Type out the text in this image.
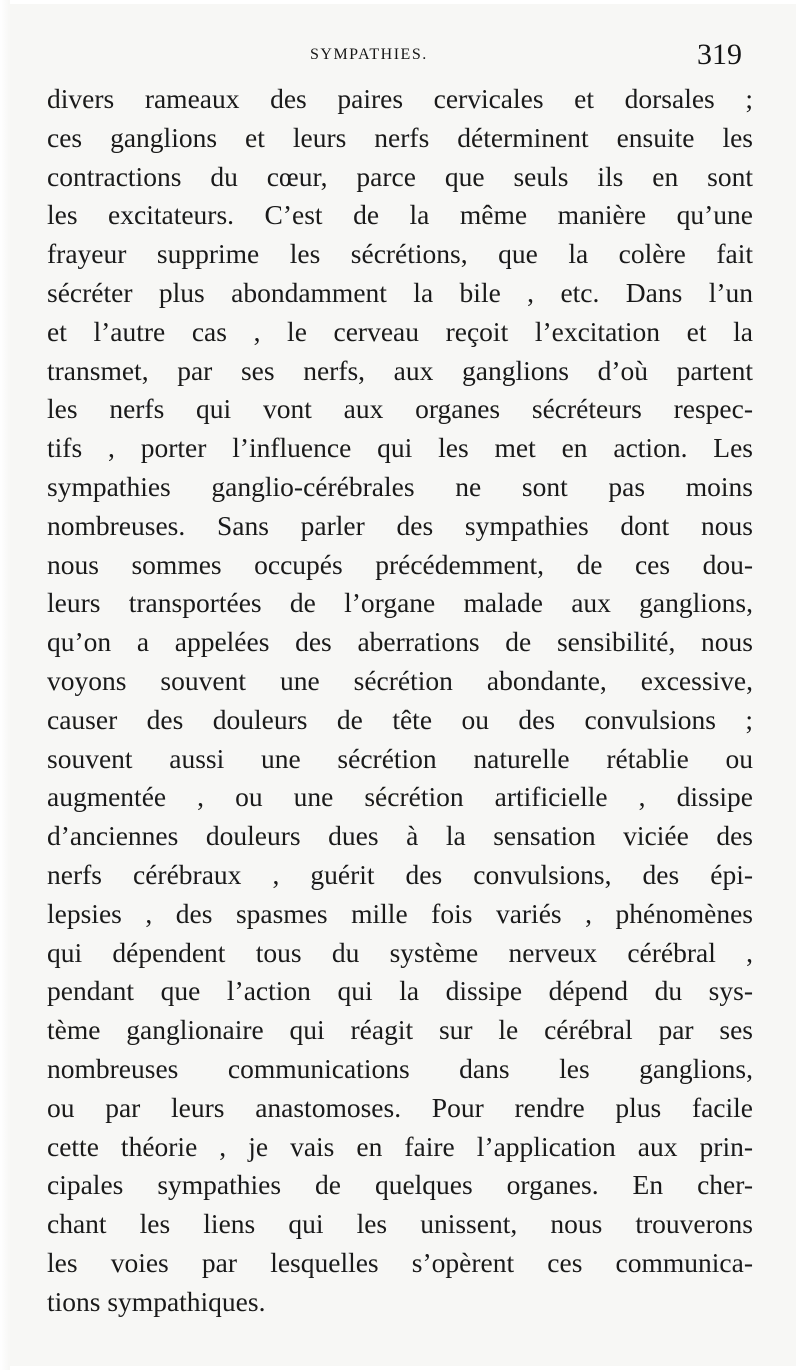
SYMPATHIES.	319
divers rameaux des paires cervicales et dorsales ;
ces ganglions et leurs nerfs déterminent ensuite les
contractions du cœur, parce que seuls ils en sont
les excitateurs. C’est de la même manière qu’une
frayeur supprime les sécrétions, que la colère fait
sécréter plus abondamment la bile , etc. Dans l’un
et l’autre cas , le cerveau reçoit l’excitation et la
transmet, par ses nerfs, aux ganglions d’où partent
les nerfs qui vont aux organes sécréteurs respec-
tifs , porter l’influence qui les met en action. Les
sympathies ganglio-cérébrales ne sont pas moins
nombreuses. Sans parler des sympathies dont nous
nous sommes occupés précédemment, de ces dou-
leurs transportées de l’organe malade aux ganglions,
qu’on a appelées des aberrations de sensibilité, nous
voyons souvent une sécrétion abondante, excessive,
causer des douleurs de tête ou des convulsions ;
souvent aussi une sécrétion naturelle rétablie ou
augmentée , ou une sécrétion artificielle , dissipe
d’anciennes douleurs dues à la sensation viciée des
nerfs cérébraux , guérit des convulsions, des épi-
lepsies , des spasmes mille fois variés , phénomènes
qui dépendent tous du système nerveux cérébral ,
pendant que l’action qui la dissipe dépend du sys-
tème ganglionaire qui réagit sur le cérébral par ses
nombreuses communications dans les ganglions,
ou par leurs anastomoses. Pour rendre plus facile
cette théorie , je vais en faire l’application aux prin-
cipales sympathies de quelques organes. En cher-
chant les liens qui les unissent, nous trouverons
les voies par lesquelles s’opèrent ces communica-
tions sympathiques.
